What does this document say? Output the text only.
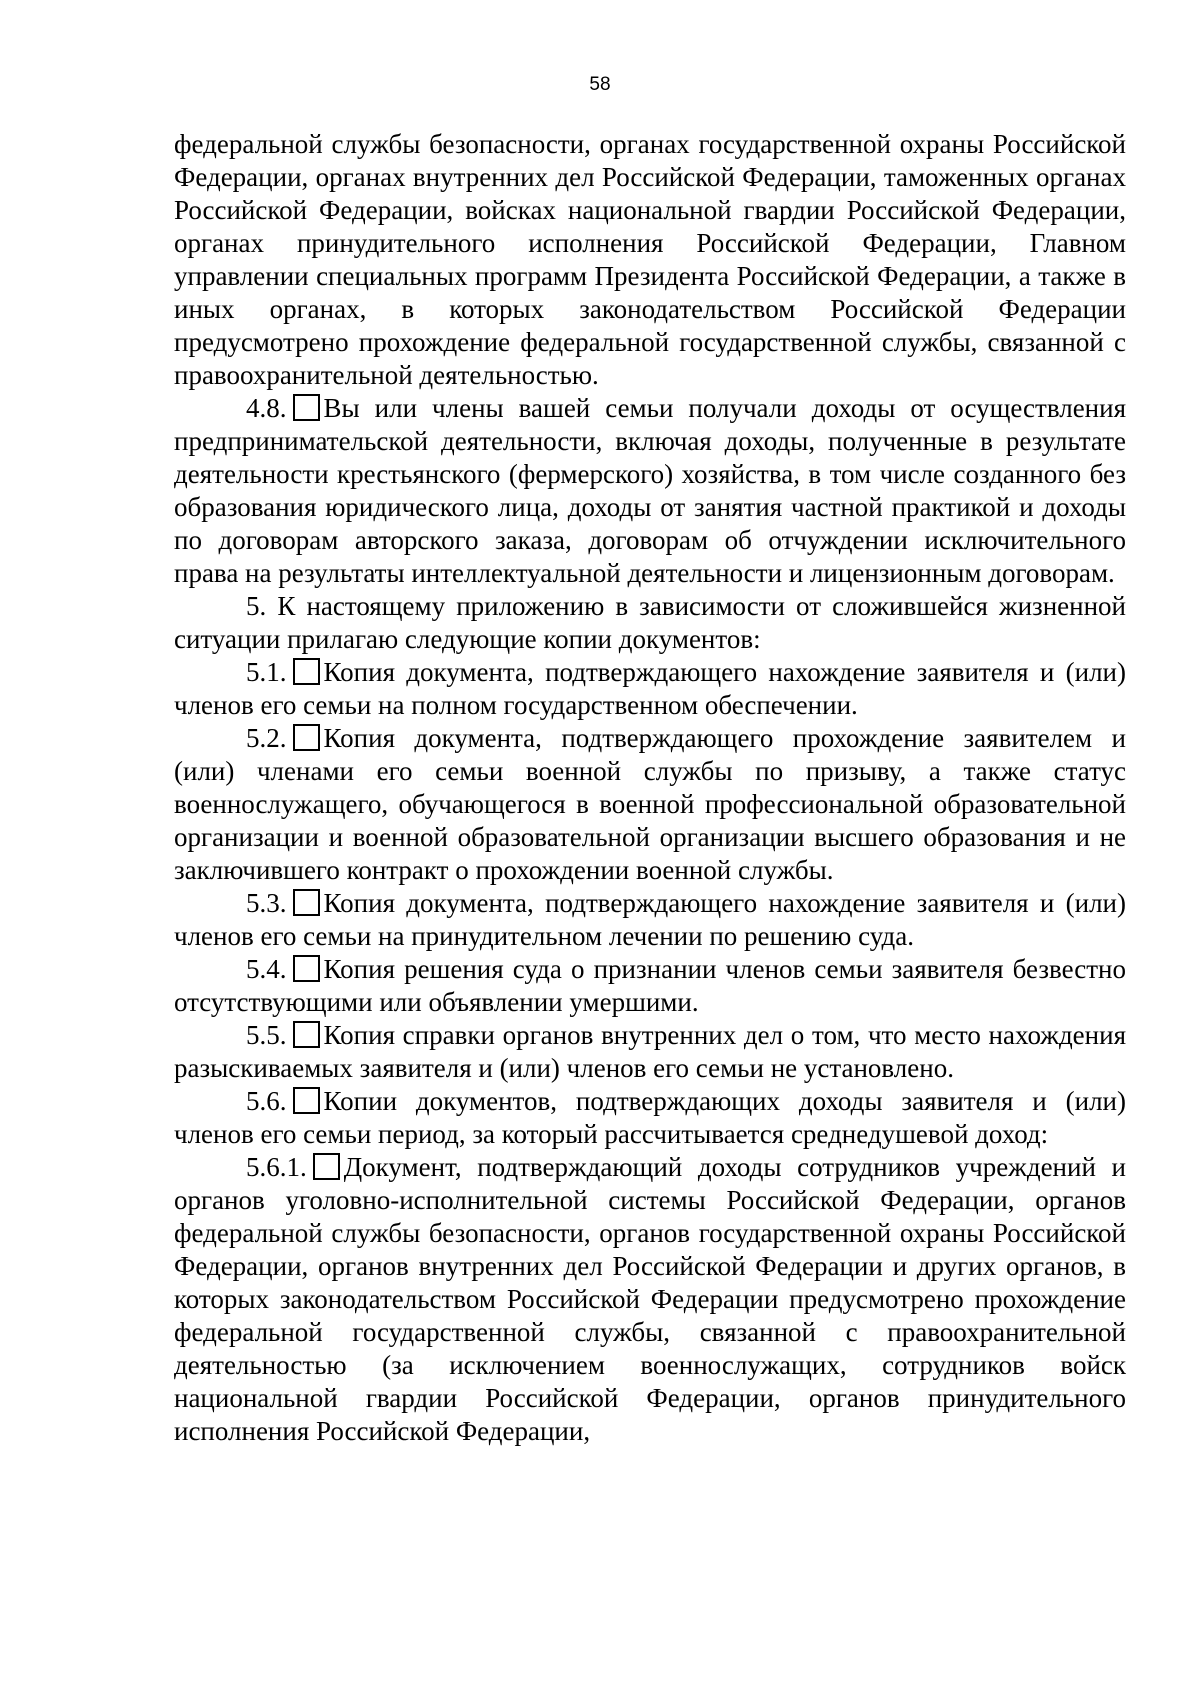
58

федеральной службы безопасности, органах государственной охраны Российской Федерации, органах внутренних дел Российской Федерации, таможенных органах Российской Федерации, войсках национальной гвардии Российской Федерации, органах принудительного исполнения Российской Федерации, Главном управлении специальных программ Президента Российской Федерации, а также в иных органах, в которых законодательством Российской Федерации предусмотрено прохождение федеральной государственной службы, связанной с правоохранительной деятельностью.

4.8. Вы или члены вашей семьи получали доходы от осуществления предпринимательской деятельности, включая доходы, полученные в результате деятельности крестьянского (фермерского) хозяйства, в том числе созданного без образования юридического лица, доходы от занятия частной практикой и доходы по договорам авторского заказа, договорам об отчуждении исключительного права на результаты интеллектуальной деятельности и лицензионным договорам.

5. К настоящему приложению в зависимости от сложившейся жизненной ситуации прилагаю следующие копии документов:

5.1. Копия документа, подтверждающего нахождение заявителя и (или) членов его семьи на полном государственном обеспечении.

5.2. Копия документа, подтверждающего прохождение заявителем и (или) членами его семьи военной службы по призыву, а также статус военнослужащего, обучающегося в военной профессиональной образовательной организации и военной образовательной организации высшего образования и не заключившего контракт о прохождении военной службы.

5.3. Копия документа, подтверждающего нахождение заявителя и (или) членов его семьи на принудительном лечении по решению суда.

5.4. Копия решения суда о признании членов семьи заявителя безвестно отсутствующими или объявлении умершими.

5.5. Копия справки органов внутренних дел о том, что место нахождения разыскиваемых заявителя и (или) членов его семьи не установлено.

5.6. Копии документов, подтверждающих доходы заявителя и (или) членов его семьи период, за который рассчитывается среднедушевой доход:

5.6.1. Документ, подтверждающий доходы сотрудников учреждений и органов уголовно-исполнительной системы Российской Федерации, органов федеральной службы безопасности, органов государственной охраны Российской Федерации, органов внутренних дел Российской Федерации и других органов, в которых законодательством Российской Федерации предусмотрено прохождение федеральной государственной службы, связанной с правоохранительной деятельностью (за исключением военнослужащих, сотрудников войск национальной гвардии Российской Федерации, органов принудительного исполнения Российской Федерации,
